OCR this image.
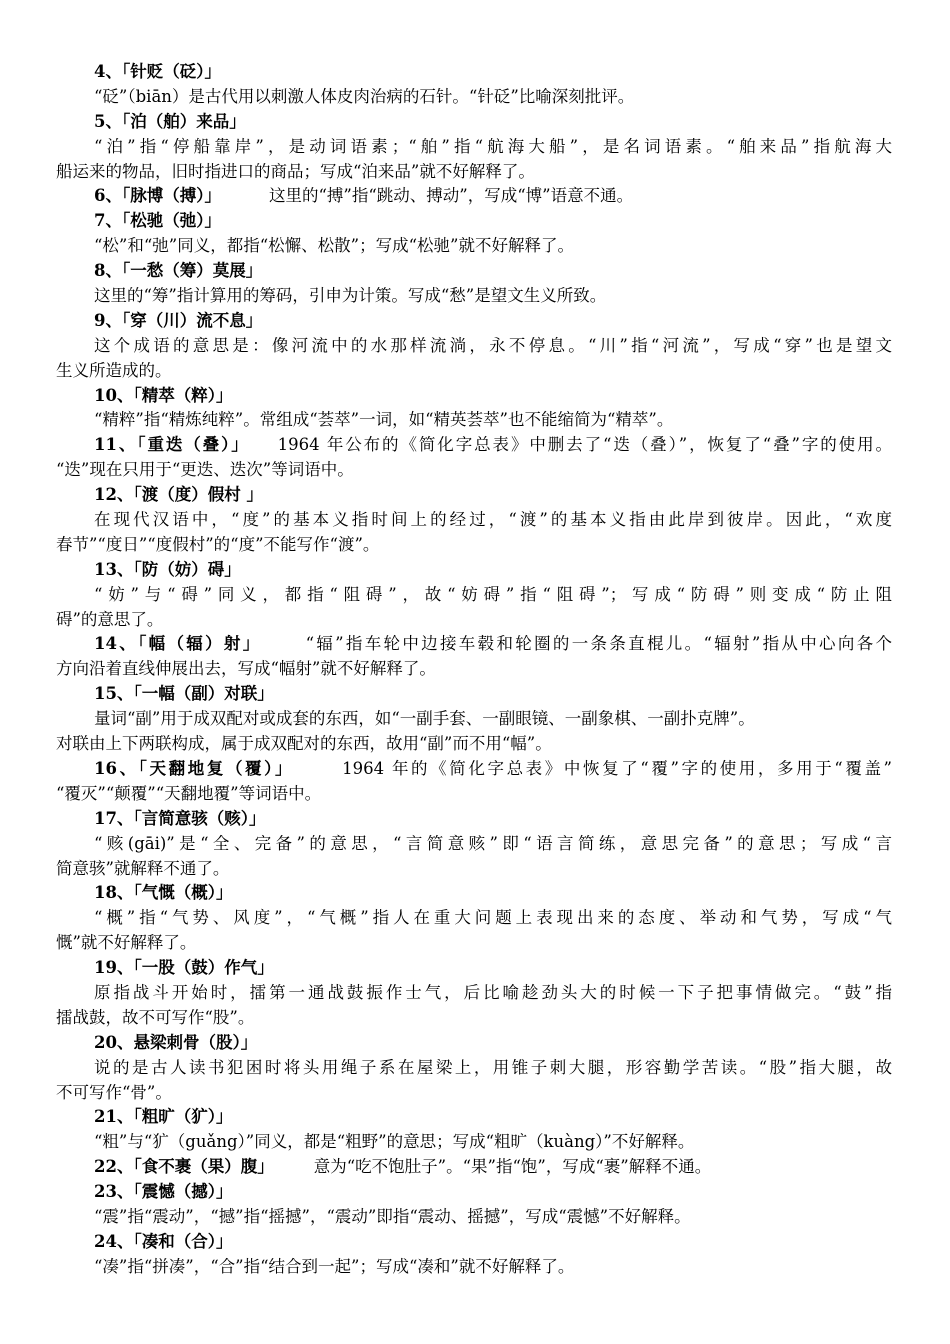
4、「针贬（砭）」
“砭”（biān）是古代用以刺激人体皮肉治病的石针。“针砭”比喻深刻批评。
5、「泊（舶）来品」
“泊”指“停船靠岸”，是动词语素；“舶”指“航海大船”，是名词语素。“舶来品”指航海大
船运来的物品，旧时指进口的商品；写成“泊来品”就不好解释了。
6、「脉博（搏）」	这里的“搏”指“跳动、搏动”，写成“博”语意不通。
7、「松驰（弛）」
“松”和“弛”同义，都指“松懈、松散”；写成“松驰”就不好解释了。
8、「一愁（筹）莫展」
这里的“筹”指计算用的筹码，引申为计策。写成“愁”是望文生义所致。
9、「穿（川）流不息」
这个成语的意思是：像河流中的水那样流淌，永不停息。“川”指“河流”，写成“穿”也是望文
生义所造成的。
10、「精萃（粹）」
“精粹”指“精炼纯粹”。常组成“荟萃”一词，如“精英荟萃”也不能缩简为“精萃”。
11、「重迭（叠）」 1964 年公布的《简化字总表》中删去了“迭（叠）”，恢复了“叠”字的使用。
“迭”现在只用于“更迭、迭次”等词语中。
12、「渡（度）假村 」
在现代汉语中，“度”的基本义指时间上的经过，“渡”的基本义指由此岸到彼岸。因此，“欢度
春节”“度日”“度假村”的“度”不能写作“渡”。
13、「防（妨）碍」
“妨”与“碍”同义，都指“阻碍”，故“妨碍”指“阻碍”；写成“防碍”则变成“防止阻
碍”的意思了。
14、「幅（辐）射」	“辐”指车轮中边接车毂和轮圈的一条条直棍儿。“辐射”指从中心向各个
方向沿着直线伸展出去，写成“幅射”就不好解释了。
15、「一幅（副）对联」
量词“副”用于成双配对或成套的东西，如“一副手套、一副眼镜、一副象棋、一副扑克牌”。
对联由上下两联构成，属于成双配对的东西，故用“副”而不用“幅”。
16、「天翻地复（覆）」	1964 年的《简化字总表》中恢复了“覆”字的使用，多用于“覆盖”
“覆灭”“颠覆”“天翻地覆”等词语中。
17、「言简意骇（赅）」
“赅(gāi)”是“全、完备”的意思，“言简意赅”即“语言简练，意思完备”的意思；写成“言
简意骇”就解释不通了。
18、「气慨（概）」
“概”指“气势、风度”，“气概”指人在重大问题上表现出来的态度、举动和气势，写成“气
慨”就不好解释了。
19、「一股（鼓）作气」
原指战斗开始时，擂第一通战鼓振作士气，后比喻趁劲头大的时候一下子把事情做完。“鼓”指
擂战鼓，故不可写作“股”。
20、悬梁刺骨（股）」
说的是古人读书犯困时将头用绳子系在屋梁上，用锥子刺大腿，形容勤学苦读。“股”指大腿，故
不可写作“骨”。
21、「粗旷（犷）」
“粗”与“犷（guǎng）”同义，都是“粗野”的意思；写成“粗旷（kuàng）”不好解释。
22、「食不裹（果）腹」 意为“吃不饱肚子”。“果”指“饱”，写成“裹”解释不通。
23、「震憾（撼）」
“震”指“震动”，“撼”指“摇撼”，“震动”即指“震动、摇撼”，写成“震憾”不好解释。
24、「凑和（合）」
“凑”指“拼凑”，“合”指“结合到一起”；写成“凑和”就不好解释了。
